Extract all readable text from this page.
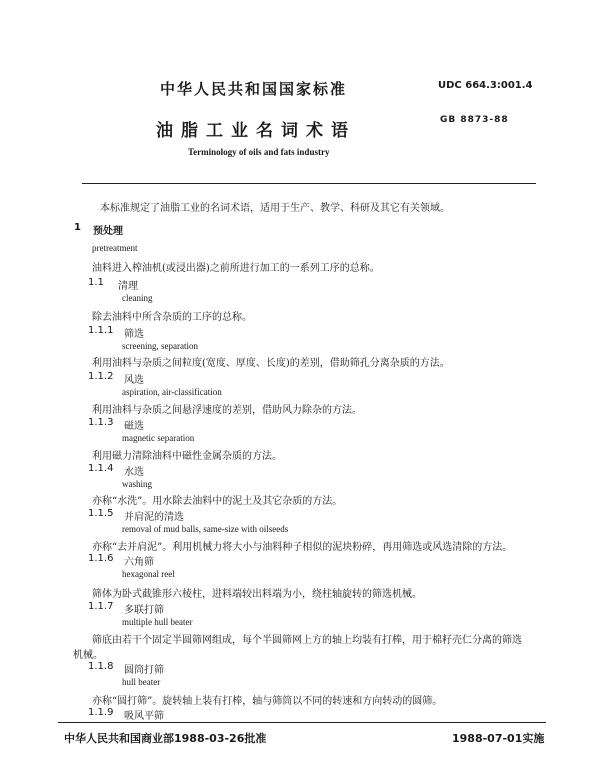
中华人民共和国国家标准	UDC 664.3:001.4
油脂工业名词术语
GB 8873-88
Terminology of oils and fats industry
本标准规定了油脂工业的名词术语，适用于生产、教学、科研及其它有关领域。
1 预处理
pretreatment
油料进入榨油机(或浸出器)之前所进行加工的一系列工序的总称。
1.1 清理
cleaning
除去油料中所含杂质的工序的总称。
1.1.1 筛选
screening, separation
利用油料与杂质之间粒度(宽度、厚度、长度)的差别，借助筛孔分离杂质的方法。
1.1.2 风选
aspiration, air-classification
利用油料与杂质之间悬浮速度的差别，借助风力除杂的方法。
1.1.3 磁选
magnetic separation
利用磁力清除油料中磁性金属杂质的方法。
1.1.4 水选
washing
亦称“水洗”。用水除去油料中的泥土及其它杂质的方法。
1.1.5 并肩泥的清选
removal of mud balls, same-size with oilseeds
亦称“去并肩泥”。利用机械力将大小与油料种子相似的泥块粉碎，再用筛选或风选清除的方法。
1.1.6 六角筛
hexagonal reel
筛体为卧式截锥形六棱柱，进料端较出料端为小，绕柱轴旋转的筛选机械。
1.1.7 多联打筛
multiple hull beater
筛底由若干个固定半圆筛网组成，每个半圆筛网上方的轴上均装有打棒，用于棉籽壳仁分离的筛选
机械。
1.1.8 圆筒打筛
hull beater
亦称“圆打筛”。旋转轴上装有打棒，轴与筛筒以不同的转速和方向转动的圆筛。
1.1.9 吸风平筛
中华人民共和国商业部1988-03-26批准	1988-07-01实施
